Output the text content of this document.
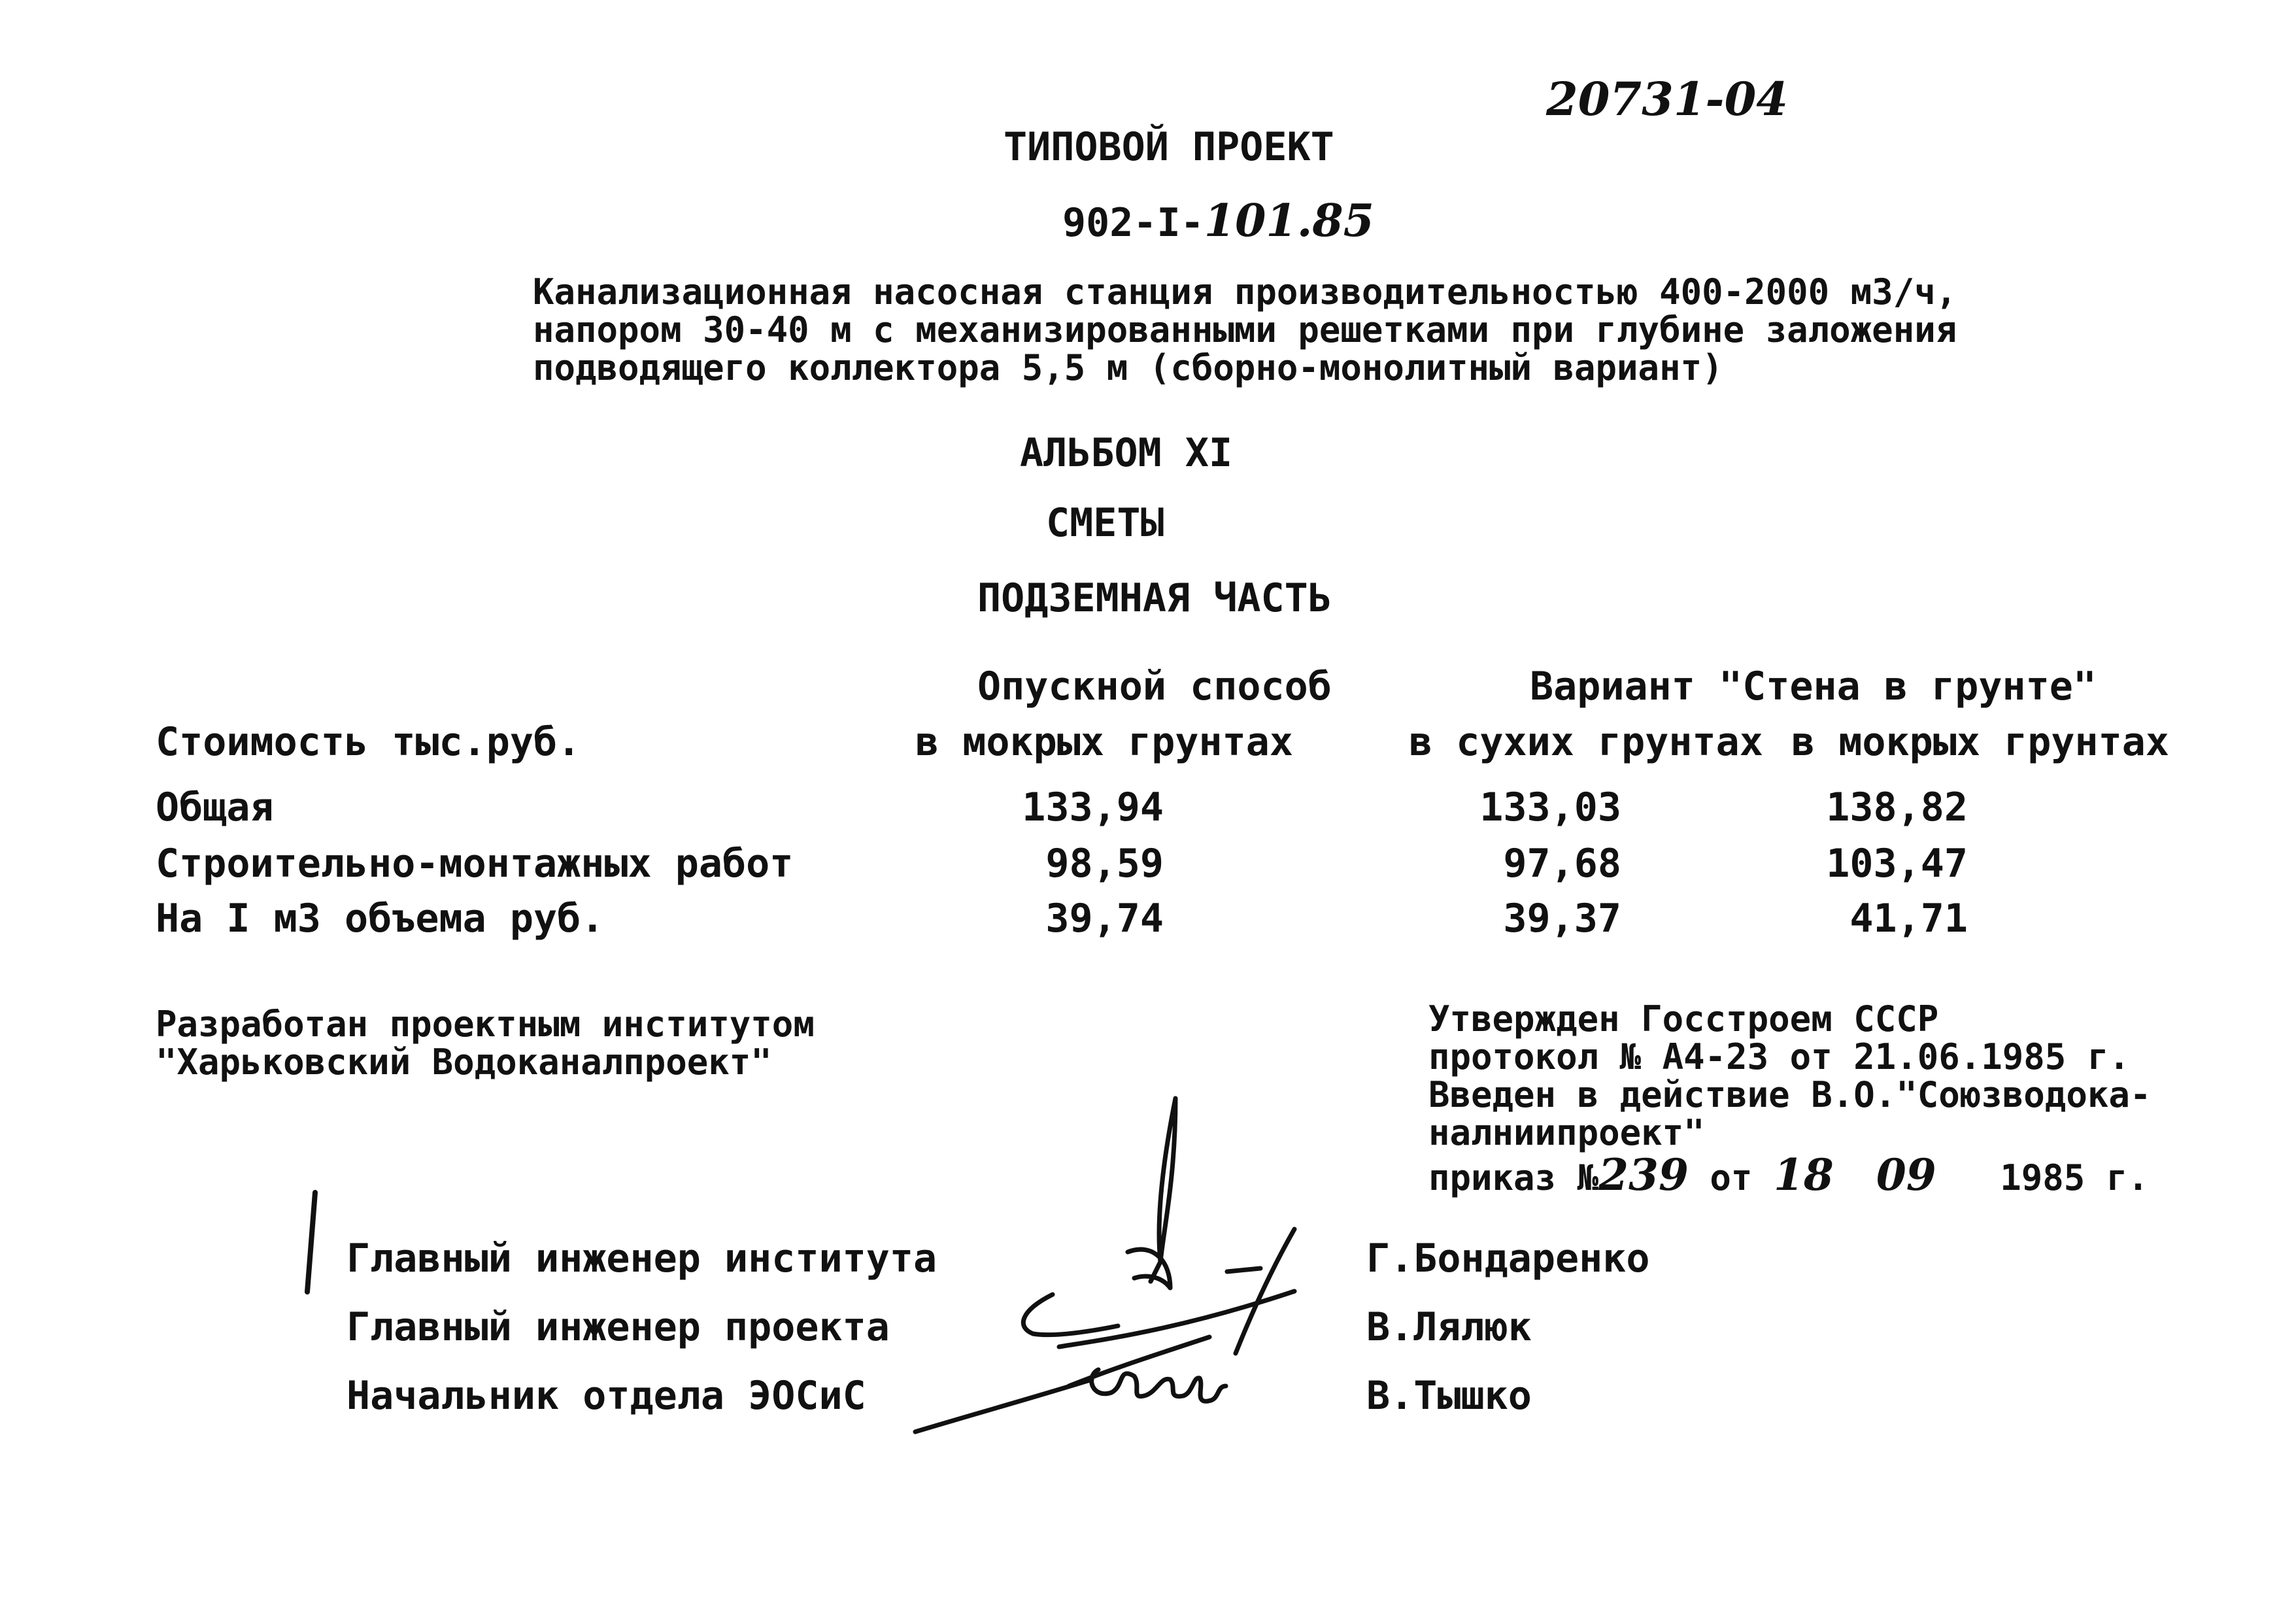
20731-04
ТИПОВОЙ ПРОЕКТ
902-I-101.85
Канализационная насосная станция производительностью 400-2000 м3/ч,
напором 30-40 м с механизированными решетками при глубине заложения
подводящего коллектора 5,5 м (сборно-монолитный вариант)
АЛЬБОМ XI
СМЕТЫ
ПОДЗЕМНАЯ ЧАСТЬ
Опускной способ	Вариант "Стена в грунте"
Стоимость тыс.руб.	в мокрых грунтах	в сухих грунтах в мокрых грунтах
Общая	133,94	133,03	138,82
Строительно-монтажных работ	98,59	97,68	103,47
На I м3 объема руб.	39,74	39,37	41,71
Разработан проектным институтом
"Харьковский Водоканалпроект"
Утвержден Госстроем СССР
протокол № А4-23 от 21.06.1985 г.
Введен в действие В.О."Союзводока-
налниипроект"
приказ №239 от 18 09 1985 г.
Главный инженер института	Г.Бондаренко
Главный инженер проекта	В.Лялюк
Начальник отдела ЭОСиС	В.Тышко
